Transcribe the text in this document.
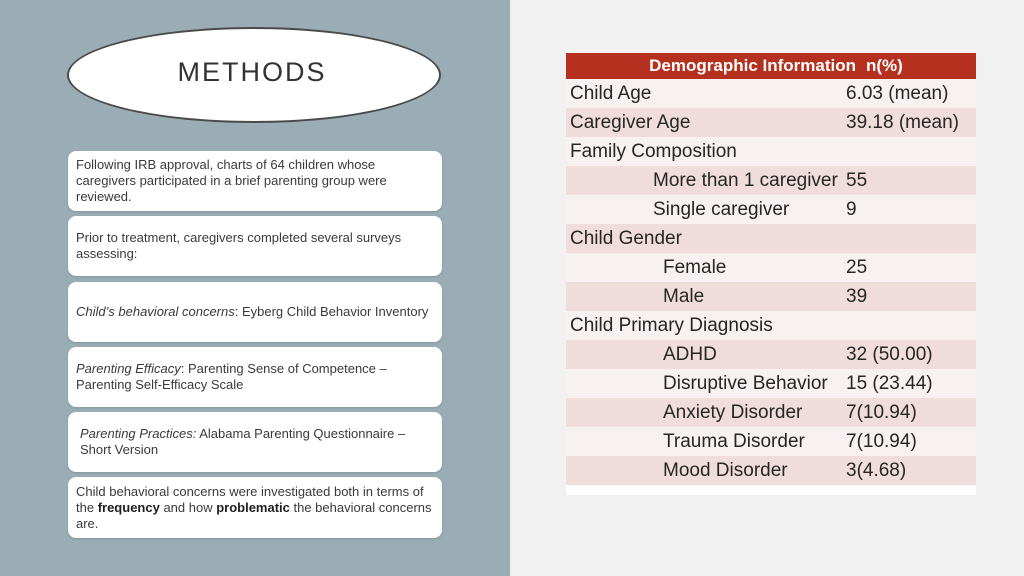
METHODS
Following IRB approval, charts of 64 children whose caregivers participated in a brief parenting group were reviewed.
Prior to treatment, caregivers completed several surveys assessing:
Child’s behavioral concerns: Eyberg Child Behavior Inventory
Parenting Efficacy: Parenting Sense of Competence – Parenting Self-Efficacy Scale
Parenting Practices: Alabama Parenting Questionnaire – Short Version
Child behavioral concerns were investigated both in terms of the frequency and how problematic the behavioral concerns are.
Demographic Information n(%)
Child Age	6.03 (mean)
Caregiver Age	39.18 (mean)
Family Composition
More than 1 caregiver 55
Single caregiver	9
Child Gender
Female	25
Male	39
Child Primary Diagnosis
ADHD	32 (50.00)
Disruptive Behavior 15 (23.44)
Anxiety Disorder 7(10.94)
Trauma Disorder 7(10.94)
Mood Disorder	3(4.68)
